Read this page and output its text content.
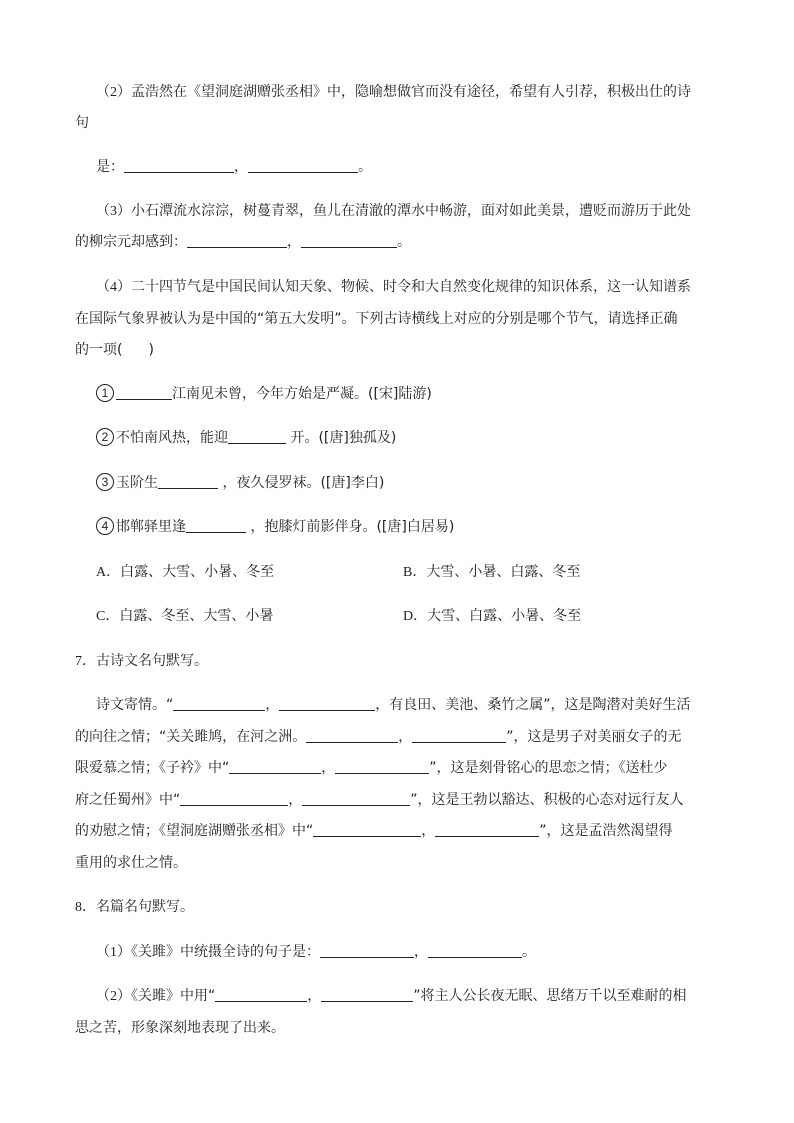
（2）孟浩然在《望洞庭湖赠张丞相》中，隐喻想做官而没有途径，希望有人引荐，积极出仕的诗
句
是：	，	。
（3）小石潭流水淙淙，树蔓青翠，鱼儿在清澈的潭水中畅游，面对如此美景，遭贬而游历于此处
的柳宗元却感到：	，	。
（4）二十四节气是中国民间认知天象、物候、时令和大自然变化规律的知识体系，这一认知谱系
在国际气象界被认为是中国的“第五大发明”。下列古诗横线上对应的分别是哪个节气，请选择正确
的一项( )
1	江南见未曾，今年方始是严凝。([宋]陆游)
2 不怕南风热，能迎	开。([唐]独孤及)
3 玉阶生	，夜久侵罗袜。([唐]李白)
4 邯郸驿里逢	，抱膝灯前影伴身。([唐]白居易)
A．白露、大雪、小暑、冬至	B．大雪、小暑、白露、冬至
C．白露、冬至、大雪、小暑	D．大雪、白露、小暑、冬至
7．古诗文名句默写。
诗文寄情。“	，	，有良田、美池、桑竹之属”，这是陶潜对美好生活
的向往之情；“关关雎鸠，在河之洲。	，	”，这是男子对美丽女子的无
限爱慕之情；《子衿》中“	，	”，这是刻骨铭心的思恋之情；《送杜少
府之任蜀州》中“	，	”，这是王勃以豁达、积极的心态对远行友人
的劝慰之情；《望洞庭湖赠张丞相》中“	，	”，这是孟浩然渴望得
重用的求仕之情。
8．名篇名句默写。
（1）《关雎》中统摄全诗的句子是：	，	。
（2）《关雎》中用“	，	”将主人公长夜无眠、思绪万千以至难耐的相
思之苦，形象深刻地表现了出来。
